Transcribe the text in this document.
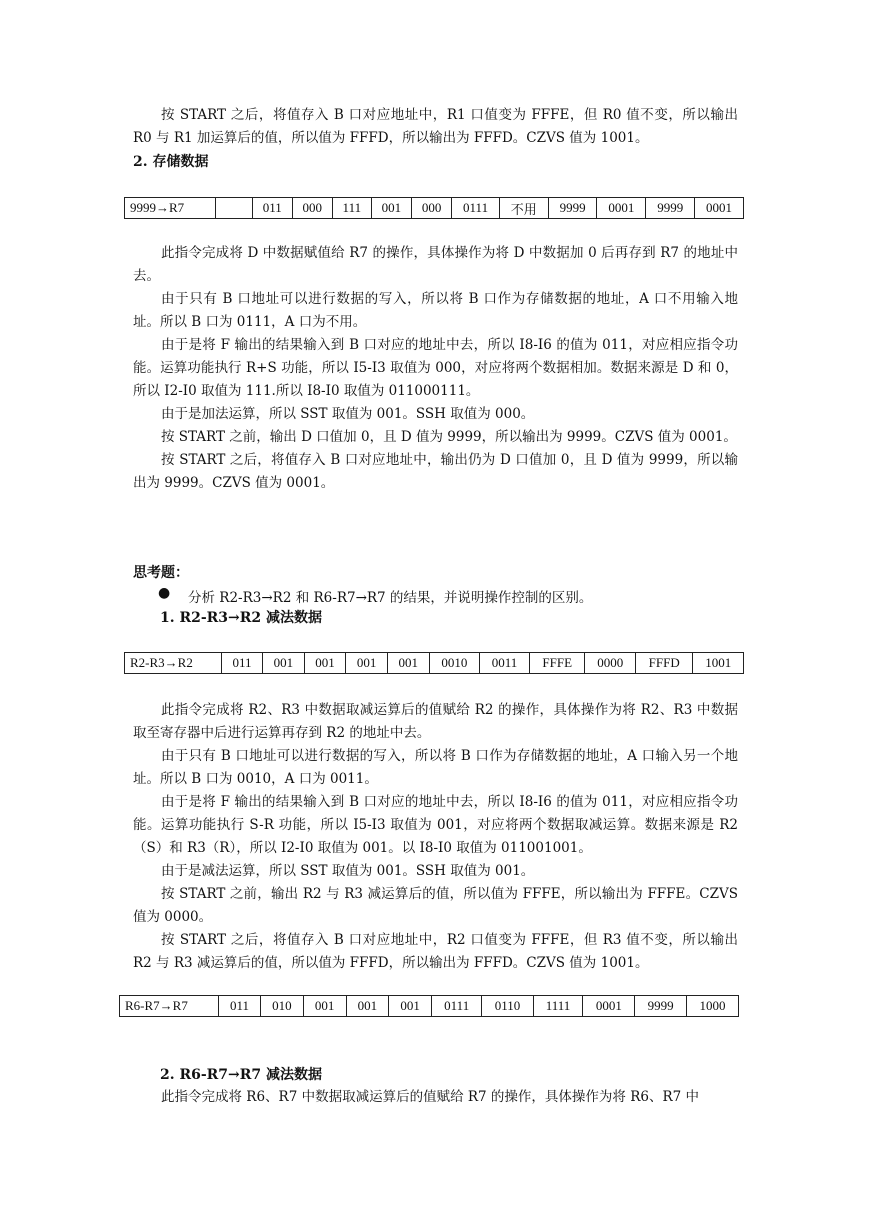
按 START 之后，将值存入 B 口对应地址中，R1 口值变为 FFFE，但 R0 值不变，所以输出 R0 与 R1 加运算后的值，所以值为 FFFD，所以输出为 FFFD。CZVS 值为 1001。

2. 存储数据
9999→R7		011	000	111	001	000	0111	不用	9999	0001	9999	0001

此指令完成将 D 中数据赋值给 R7 的操作，具体操作为将 D 中数据加 0 后再存到 R7 的地址中去。

由于只有 B 口地址可以进行数据的写入，所以将 B 口作为存储数据的地址，A 口不用输入地址。所以 B 口为 0111，A 口为不用。

由于是将 F 输出的结果输入到 B 口对应的地址中去，所以 I8-I6 的值为 011，对应相应指令功能。运算功能执行 R+S 功能，所以 I5-I3 取值为 000，对应将两个数据相加。数据来源是 D 和 0，所以 I2-I0 取值为 111.所以 I8-I0 取值为 011000111。

由于是加法运算，所以 SST 取值为 001。SSH 取值为 000。

按 START 之前，输出 D 口值加 0，且 D 值为 9999，所以输出为 9999。CZVS 值为 0001。

按 START 之后，将值存入 B 口对应地址中，输出仍为 D 口值加 0，且 D 值为 9999，所以输出为 9999。CZVS 值为 0001。

思考题：
● 分析 R2-R3→R2 和 R6-R7→R7 的结果，并说明操作控制的区别。
1. R2-R3→R2 减法数据
R2-R3→R2	011	001	001	001	001	0010	0011	FFFE	0000	FFFD	1001

此指令完成将 R2、R3 中数据取减运算后的值赋给 R2 的操作，具体操作为将 R2、R3 中数据取至寄存器中后进行运算再存到 R2 的地址中去。

由于只有 B 口地址可以进行数据的写入，所以将 B 口作为存储数据的地址，A 口输入另一个地址。所以 B 口为 0010，A 口为 0011。

由于是将 F 输出的结果输入到 B 口对应的地址中去，所以 I8-I6 的值为 011，对应相应指令功能。运算功能执行 S-R 功能，所以 I5-I3 取值为 001，对应将两个数据取减运算。数据来源是 R2（S）和 R3（R），所以 I2-I0 取值为 001。以 I8-I0 取值为 011001001。

由于是减法运算，所以 SST 取值为 001。SSH 取值为 001。

按 START 之前，输出 R2 与 R3 减运算后的值，所以值为 FFFE，所以输出为 FFFE。CZVS 值为 0000。

按 START 之后，将值存入 B 口对应地址中，R2 口值变为 FFFE，但 R3 值不变，所以输出 R2 与 R3 减运算后的值，所以值为 FFFD，所以输出为 FFFD。CZVS 值为 1001。

R6-R7→R7	011	010	001	001	001	0111	0110	1111	0001	9999	1000
2. R6-R7→R7 减法数据

此指令完成将 R6、R7 中数据取减运算后的值赋给 R7 的操作，具体操作为将 R6、R7 中
